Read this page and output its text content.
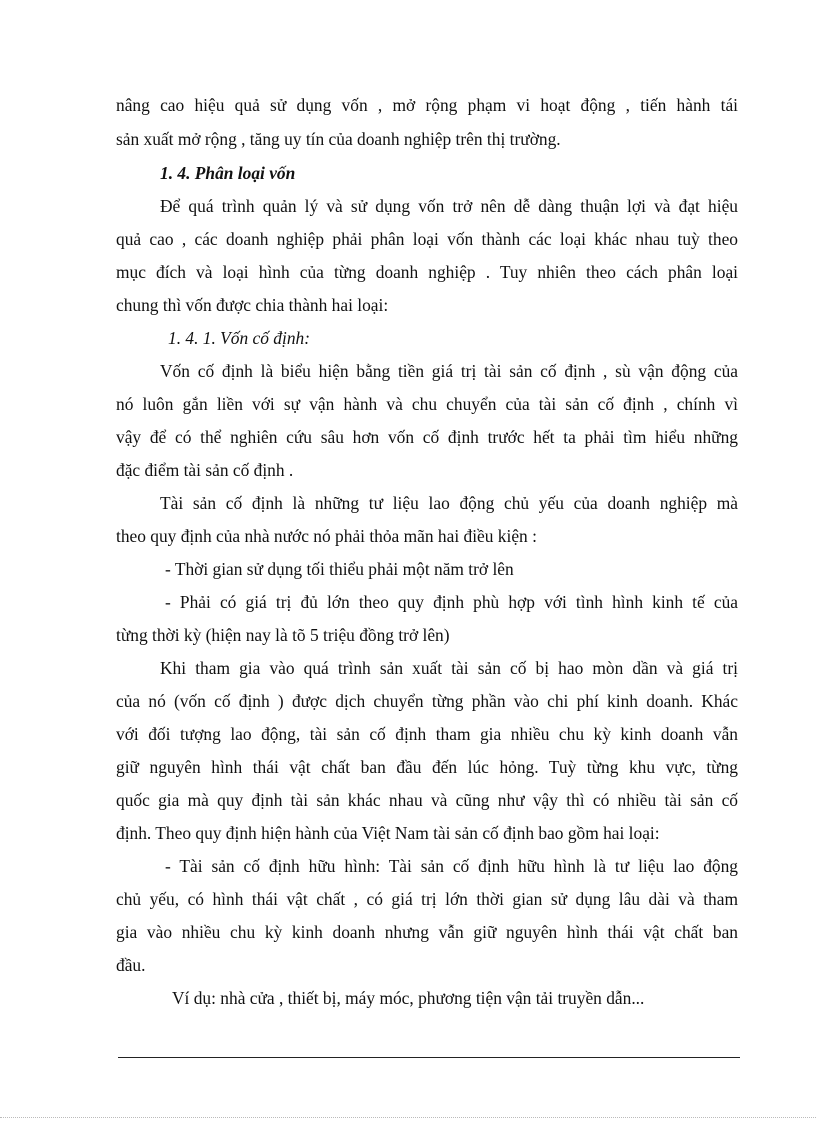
nâng cao hiệu quả sử dụng vốn , mở rộng phạm vi hoạt động , tiến hành tái
sản xuất mở rộng , tăng uy tín của doanh nghiệp trên thị trường.
1. 4. Phân loại vốn
Để quá trình quản lý và sử dụng vốn trở nên dễ dàng thuận lợi và đạt hiệu
quả cao , các doanh nghiệp phải phân loại vốn thành các loại khác nhau tuỳ theo
mục đích và loại hình của từng doanh nghiệp . Tuy nhiên theo cách phân loại
chung thì vốn được chia thành hai loại:
1. 4. 1. Vốn cố định:
Vốn cố định là biểu hiện bằng tiền giá trị tài sản cố định , sù vận động của
nó luôn gắn liền với sự vận hành và chu chuyển của tài sản cố định , chính vì
vậy để có thể nghiên cứu sâu hơn vốn cố định trước hết ta phải tìm hiểu những
đặc điểm tài sản cố định .
Tài sản cố định là những tư liệu lao động chủ yếu của doanh nghiệp mà
theo quy định của nhà nước nó phải thỏa mãn hai điều kiện :
- Thời gian sử dụng tối thiểu phải một năm trở lên
- Phải có giá trị đủ lớn theo quy định phù hợp với tình hình kinh tế của
từng thời kỳ (hiện nay là tõ 5 triệu đồng trở lên)
Khi tham gia vào quá trình sản xuất tài sản cố bị hao mòn dần và giá trị
của nó (vốn cố định ) được dịch chuyển từng phần vào chi phí kinh doanh. Khác
với đối tượng lao động, tài sản cố định tham gia nhiều chu kỳ kinh doanh vẫn
giữ nguyên hình thái vật chất ban đầu đến lúc hỏng. Tuỳ từng khu vực, từng
quốc gia mà quy định tài sản khác nhau và cũng như vậy thì có nhiều tài sản cố
định. Theo quy định hiện hành của Việt Nam tài sản cố định bao gồm hai loại:
- Tài sản cố định hữu hình: Tài sản cố định hữu hình là tư liệu lao động
chủ yếu, có hình thái vật chất , có giá trị lớn thời gian sử dụng lâu dài và tham
gia vào nhiều chu kỳ kinh doanh nhưng vẫn giữ nguyên hình thái vật chất ban
đầu.
Ví dụ: nhà cửa , thiết bị, máy móc, phương tiện vận tải truyền dẫn...
